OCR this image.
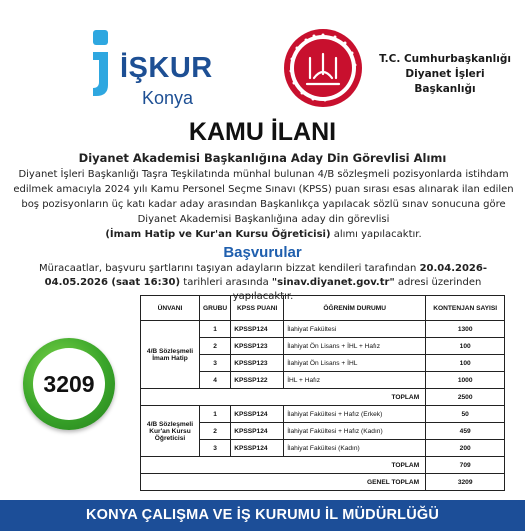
İŞKUR
Konya
T.C. Cumhurbaşkanlığı
Diyanet İşleri Başkanlığı
KAMU İLANI
Diyanet Akademisi Başkanlığına Aday Din Görevlisi Alımı
Diyanet İşleri Başkanlığı Taşra Teşkilatında münhal bulunan 4/B sözleşmeli pozisyonlarda istihdam edilmek amacıyla 2024 yılı Kamu Personel Seçme Sınavı (KPSS) puan sırası esas alınarak ilan edilen boş pozisyonların üç katı kadar aday arasından Başkanlıkça yapılacak sözlü sınav sonucuna göre Diyanet Akademisi Başkanlığına aday din görevlisi
(İmam Hatip ve Kur'an Kursu Öğreticisi) alımı yapılacaktır.
Başvurular
Müracaatlar, başvuru şartlarını taşıyan adayların bizzat kendileri tarafından 20.04.2026-04.05.2026 (saat 16:30) tarihleri arasında "sinav.diyanet.gov.tr" adresi üzerinden yapılacaktır.
3209
ÜNVANI	GRUBU	KPSS PUANI	ÖĞRENİM DURUMU	KONTENJAN SAYISI
4/B Sözleşmeli İmam Hatip	1	KPSSP124	İlahiyat Fakültesi	1300
	2	KPSSP123	İlahiyat Ön Lisans + İHL + Hafız	100
	3	KPSSP123	İlahiyat Ön Lisans + İHL	100
	4	KPSSP122	İHL + Hafız	1000
TOPLAM				2500
4/B Sözleşmeli Kur'an Kursu Öğreticisi	1	KPSSP124	İlahiyat Fakültesi + Hafız (Erkek)	50
	2	KPSSP124	İlahiyat Fakültesi + Hafız (Kadın)	459
	3	KPSSP124	İlahiyat Fakültesi (Kadın)	200
TOPLAM				709
GENEL TOPLAM				3209
KONYA ÇALIŞMA VE İŞ KURUMU İL MÜDÜRLÜĞÜ
